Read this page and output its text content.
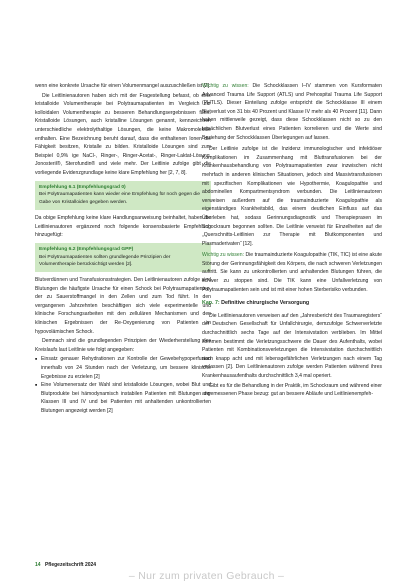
wenn eine konkrete Ursache für einen Volumenmangel auszuschließen ist [2].

Die Leitlinienautoren haben sich mit der Fragestellung befasst, ob eine kristalloide Volumentherapie bei Polytraumapatienten im Vergleich zur kolloidalen Volumentherapie zu besseren Behandlungsergebnissen führt. Kristalloide Lösungen, auch kristalline Lösungen genannt, kennzeichnen unterschiedliche elektrolythaltige Lösungen, die keine Makromoleküle enthalten. Eine Bezeichnung beruht darauf, dass die enthaltenen Ionen die Fähigkeit besitzen, Kristalle zu bilden. Kristalloide Lösungen sind zum Beispiel 0,9% ige NaCl-, Ringer-, Ringer-Acetat-, Ringer-Laktat-Lösung, Jonosteril®, Sterofundin® und viele mehr. Der Leitlinie zufolge gibt die vorliegende Evidenzgrundlage keine klare Empfehlung her [2, 7, 8].

Empfehlung 6.1 (Empfehlungsgrad 0)
Bei Polytraumapatienten kann wieder eine Empfehlung für noch gegen die Gabe von Kristalloiden gegeben werden.

Da obige Empfehlung keine klare Handlungsanweisung beinhaltet, haben die Leitlinienautoren ergänzend noch folgende konsensbasierte Empfehlung hinzugefügt:

Empfehlung 6.2 (Empfehlungsgrad GPP)
Bei Polytraumapatienten sollten grundlegende Prinzipien der Volumentherapie berücksichtigt werden [2].

Blutverdünnen und Transfusionsstrategien. Den Leitlinienautoren zufolge sind Blutungen die häufigste Ursache für einen Schock bei Polytraumapatienten, der zu Sauerstoffmangel in den Zellen und zum Tod führt. In den vergangenen Jahrzehnten beschäftigen sich viele experimentelle und klinische Forschungsarbeiten mit den zellulären Mechanismen und den klinischen Ergebnissen der Re-Oxygenierung von Patienten im hypovolämischen Schock.

Demnach sind die grundlegenden Prinzipien der Wiederherstellung des Kreislaufs laut Leitlinie wie folgt angegeben:

■ Einsatz genauer Rehydrationen zur Kontrolle der Gewebehypoperfusion innerhalb von 24 Stunden nach der Verletzung, um bessere klinische Ergebnisse zu erzielen [2]
■ Eine Volumenersatz der Wahl sind kristalloide Lösungen, wobei Blut und Blutprodukte bei hämodynamisch instabilen Patienten mit Blutungen der Klassen III und IV und bei Patienten mit anhaltenden unkontrollierten Blutungen angezeigt werden [2]

Wichtig zu wissen: Die Schockklassen I–IV stammen von Kursformaten Advanced Trauma Life Support (ATLS) und Prehospital Trauma Life Support (PHTLS). Dieser Einteilung zufolge entspricht die Schockklasse III einem Blutverlust von 31 bis 40 Prozent und Klasse IV mehr als 40 Prozent [11]. Dann haben mittlerweile gezeigt, dass diese Schockklassen nicht so zu den tatsächlichen Blutverlust eines Patienten korrelieren und die Werte sind Beziehung der Schockklassen Überlegungen auf lassen.

Der Leitlinie zufolge ist die Inzidenz immunologischer und infektiöser Komplikationen im Zusammenhang mit Bluttransfusionen bei der Krankenhausbehandlung von Polytraumapatienten zwar inzwischen nicht mehrfach in anderen klinischen Situationen, jedoch sind Massivtransfusionen mit spezifischen Komplikationen wie Hypothermie, Koagulopathie und abdominellen Kompartmentsyndrom verbunden. Die Leitlinienautoren verweisen außerdem auf die traumainduzierte Koagulopathie als eigenständiges Krankheitsbild, das einem deutlichen Einfluss auf das Überleben hat, sodass Gerinnungsdiagnostik und Therapiepraxen im Schockraum begonnen sollten. Die Leitlinie verweist für Einzelheiten auf die „Querschnitts-Leitlinien zur Therapie mit Blutkomponenten und Plasmaderivaten“ [12].

Wichtig zu wissen: Die traumainduzierte Koagulopathie (TIK, TIC) ist eine akute Störung der Gerinnungsfähigkeit des Körpers, die nach schweren Verletzungen auftritt. Sie kann zu unkontrollierten und anhaltenden Blutungen führen, die schwer zu stoppen sind. Die TIK kann eine Unfallverletzung von Polytraumapatienten sein und ist mit einer hohen Sterberisiko verbunden.

Kap. 7: Definitive chirurgische Versorgung

Die Leitlinienautoren verweisen auf den „Jahresbericht des Traumaregisters“ der Deutschen Gesellschaft für Unfallchirurgie, demzufolge Schwerverletzte durchschnittlich sechs Tage auf der Intensivstation verblieben. Im Mittel kommen bestimmt die Verletzungsschwere die Dauer des Aufenthalts, wobei Patienten mit Kombinationsverletzungen die Intensivstation durchschnittlich nach knapp acht und mit lebensgefährlichen Verletzungen nach einem Tag verlassen [2]. Den Leitlinienautoren zufolge werden Patienten während ihres Krankenhausaufenthalts durchschnittlich 3,4 mal operiert.

Gibt es für die Behandlung in der Praktik, im Schockraum und während einer angemessenen Phase bezug: gut an bessere Abläufe und Leitlinienempfeh-

14 Pflegezeitschrift 2024
– Nur zum privaten Gebrauch –
